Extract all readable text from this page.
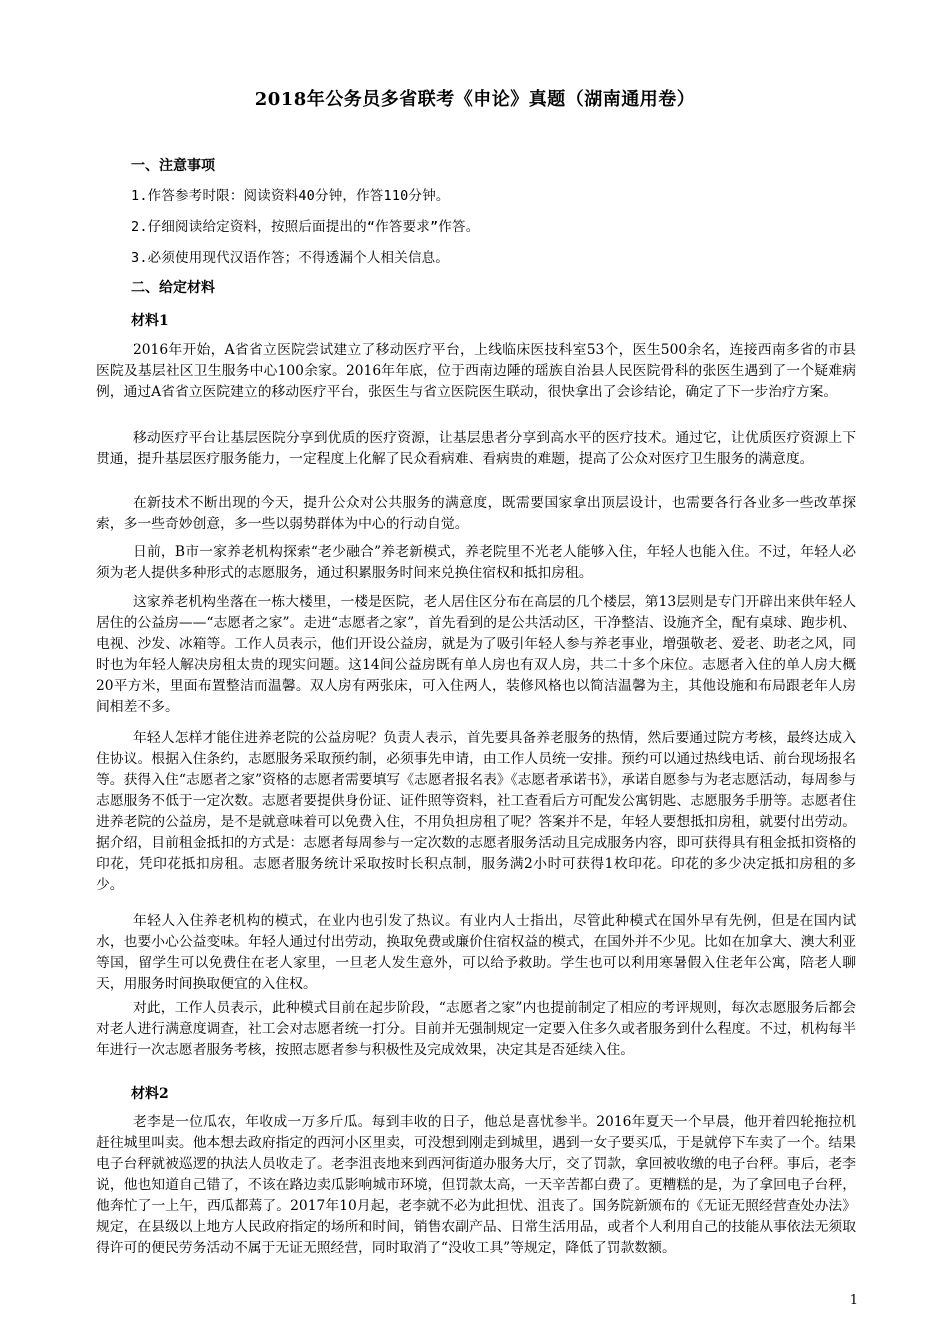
2018年公务员多省联考《申论》真题（湖南通用卷）
一、注意事项
1.作答参考时限：阅读资料40分钟，作答110分钟。
2.仔细阅读给定资料，按照后面提出的“作答要求”作答。
3.必须使用现代汉语作答；不得透漏个人相关信息。
二、给定材料
材料1

2016年开始，A省省立医院尝试建立了移动医疗平台，上线临床医技科室53个，医生500余名，连接西南多省的市县医院及基层社区卫生服务中心100余家。2016年年底，位于西南边陲的瑶族自治县人民医院骨科的张医生遇到了一个疑难病例，通过A省省立医院建立的移动医疗平台，张医生与省立医院医生联动，很快拿出了会诊结论，确定了下一步治疗方案。

移动医疗平台让基层医院分享到优质的医疗资源，让基层患者分享到高水平的医疗技术。通过它，让优质医疗资源上下贯通，提升基层医疗服务能力，一定程度上化解了民众看病难、看病贵的难题，提高了公众对医疗卫生服务的满意度。

在新技术不断出现的今天，提升公众对公共服务的满意度，既需要国家拿出顶层设计，也需要各行各业多一些改革探索，多一些奇妙创意，多一些以弱势群体为中心的行动自觉。

日前，B市一家养老机构探索“老少融合”养老新模式，养老院里不光老人能够入住，年轻人也能入住。不过，年轻人必须为老人提供多种形式的志愿服务，通过积累服务时间来兑换住宿权和抵扣房租。

这家养老机构坐落在一栋大楼里，一楼是医院，老人居住区分布在高层的几个楼层，第13层则是专门开辟出来供年轻人居住的公益房——“志愿者之家”。走进“志愿者之家”，首先看到的是公共活动区，干净整洁、设施齐全，配有桌球、跑步机、电视、沙发、冰箱等。工作人员表示，他们开设公益房，就是为了吸引年轻人参与养老事业，增强敬老、爱老、助老之风，同时也为年轻人解决房租太贵的现实问题。这14间公益房既有单人房也有双人房，共二十多个床位。志愿者入住的单人房大概20平方米，里面布置整洁而温馨。双人房有两张床，可入住两人，装修风格也以简洁温馨为主，其他设施和布局跟老年人房间相差不多。

年轻人怎样才能住进养老院的公益房呢？负责人表示，首先要具备养老服务的热情，然后要通过院方考核，最终达成入住协议。根据入住条约，志愿服务采取预约制，必须事先申请，由工作人员统一安排。预约可以通过热线电话、前台现场报名等。获得入住“志愿者之家”资格的志愿者需要填写《志愿者报名表》《志愿者承诺书》，承诺自愿参与为老志愿活动，每周参与志愿服务不低于一定次数。志愿者要提供身份证、证件照等资料，社工查看后方可配发公寓钥匙、志愿服务手册等。志愿者住进养老院的公益房，是不是就意味着可以免费入住，不用负担房租了呢？答案并不是，年轻人要想抵扣房租，就要付出劳动。据介绍，目前租金抵扣的方式是：志愿者每周参与一定次数的志愿者服务活动且完成服务内容，即可获得具有租金抵扣资格的印花，凭印花抵扣房租。志愿者服务统计采取按时长积点制，服务满2小时可获得1枚印花。印花的多少决定抵扣房租的多少。

年轻人入住养老机构的模式，在业内也引发了热议。有业内人士指出，尽管此种模式在国外早有先例，但是在国内试水，也要小心公益变味。年轻人通过付出劳动，换取免费或廉价住宿权益的模式，在国外并不少见。比如在加拿大、澳大利亚等国，留学生可以免费住在老人家里，一旦老人发生意外，可以给予救助。学生也可以利用寒暑假入住老年公寓，陪老人聊天，用服务时间换取便宜的入住权。

对此，工作人员表示，此种模式目前在起步阶段，“志愿者之家”内也提前制定了相应的考评规则，每次志愿服务后都会对老人进行满意度调查，社工会对志愿者统一打分。目前并无强制规定一定要入住多久或者服务到什么程度。不过，机构每半年进行一次志愿者服务考核，按照志愿者参与积极性及完成效果，决定其是否延续入住。

材料2

老李是一位瓜农，年收成一万多斤瓜。每到丰收的日子，他总是喜忧参半。2016年夏天一个早晨，他开着四轮拖拉机赶往城里叫卖。他本想去政府指定的西河小区里卖，可没想到刚走到城里，遇到一女子要买瓜，于是就停下车卖了一个。结果电子台秤就被巡逻的执法人员收走了。老李沮丧地来到西河街道办服务大厅，交了罚款，拿回被收缴的电子台秤。事后，老李说，他也知道自己错了，不该在路边卖瓜影响城市环境，但罚款太高，一天辛苦都白费了。更糟糕的是，为了拿回电子台秤，他奔忙了一上午，西瓜都蔫了。2017年10月起，老李就不必为此担忧、沮丧了。国务院新颁布的《无证无照经营查处办法》规定，在县级以上地方人民政府指定的场所和时间，销售农副产品、日常生活用品，或者个人利用自己的技能从事依法无须取得许可的便民劳务活动不属于无证无照经营，同时取消了“没收工具”等规定，降低了罚款数额。

1
